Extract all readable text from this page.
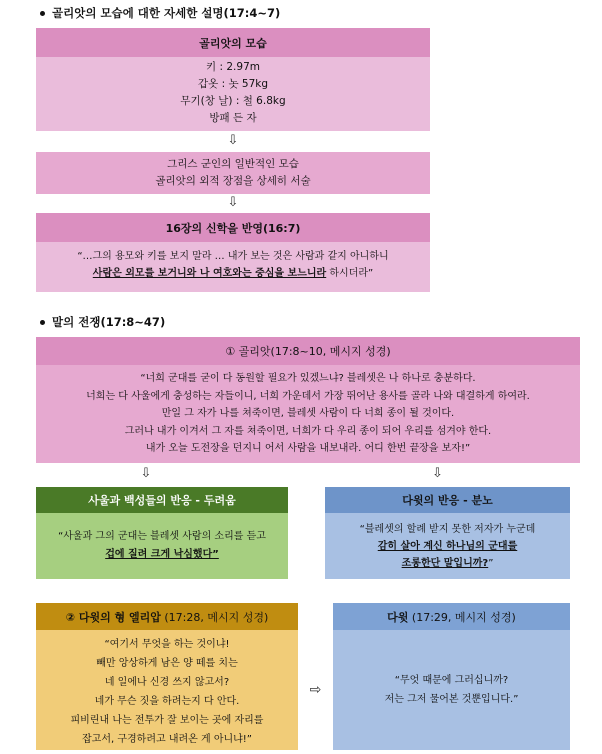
골리앗의 모습에 대한 자세한 설명(17:4~7)
골리앗의 모습
키 : 2.97m
갑옷 : 놋 57kg
무기(창 날) : 철 6.8kg
방패 든 자
⇩
그리스 군인의 일반적인 모습
골리앗의 외적 장점을 상세히 서술
⇩
16장의 신학을 반영(16:7)
“…그의 용모와 키를 보지 말라 … 내가 보는 것은 사람과 같지 아니하니
사람은 외모를 보거니와 나 여호와는 중심을 보느니라 하시더라”
말의 전쟁(17:8~47)
① 골리앗(17:8~10, 메시지 성경)
“너희 군대를 굳이 다 동원할 필요가 있겠느냐? 블레셋은 나 하나로 충분하다.
너희는 다 사울에게 충성하는 자들이니, 너희 가운데서 가장 뛰어난 용사를 골라 나와 대결하게 하여라.
만일 그 자가 나를 쳐죽이면, 블레셋 사람이 다 너희 종이 될 것이다.
그러나 내가 이겨서 그 자를 쳐죽이면, 너희가 다 우리 종이 되어 우리를 섬겨야 한다.
내가 오늘 도전장을 던지니 어서 사람을 내보내라. 어디 한번 끝장을 보자!”
⇩	⇩
사울과 백성들의 반응 - 두려움
“사울과 그의 군대는 블레셋 사람의 소리를 듣고
겁에 질려 크게 낙심했다”
다윗의 반응 - 분노
“블레셋의 할례 받지 못한 저자가 누군데
감히 살아 계신 하나님의 군대를
조롱한단 말입니까?”
② 다윗의 형 엘리압 (17:28, 메시지 성경)
“여기서 무엇을 하는 것이냐!
빼만 앙상하게 남은 양 떼를 치는
네 일에나 신경 쓰지 않고서?
네가 무슨 짓을 하려는지 다 안다.
피비린내 나는 전투가 잘 보이는 곳에 자리를
잡고서, 구경하려고 내려온 게 아니냐!”
⇨
다윗 (17:29, 메시지 성경)
“무엇 때문에 그러십니까?
저는 그저 물어본 것뿐입니다.”
